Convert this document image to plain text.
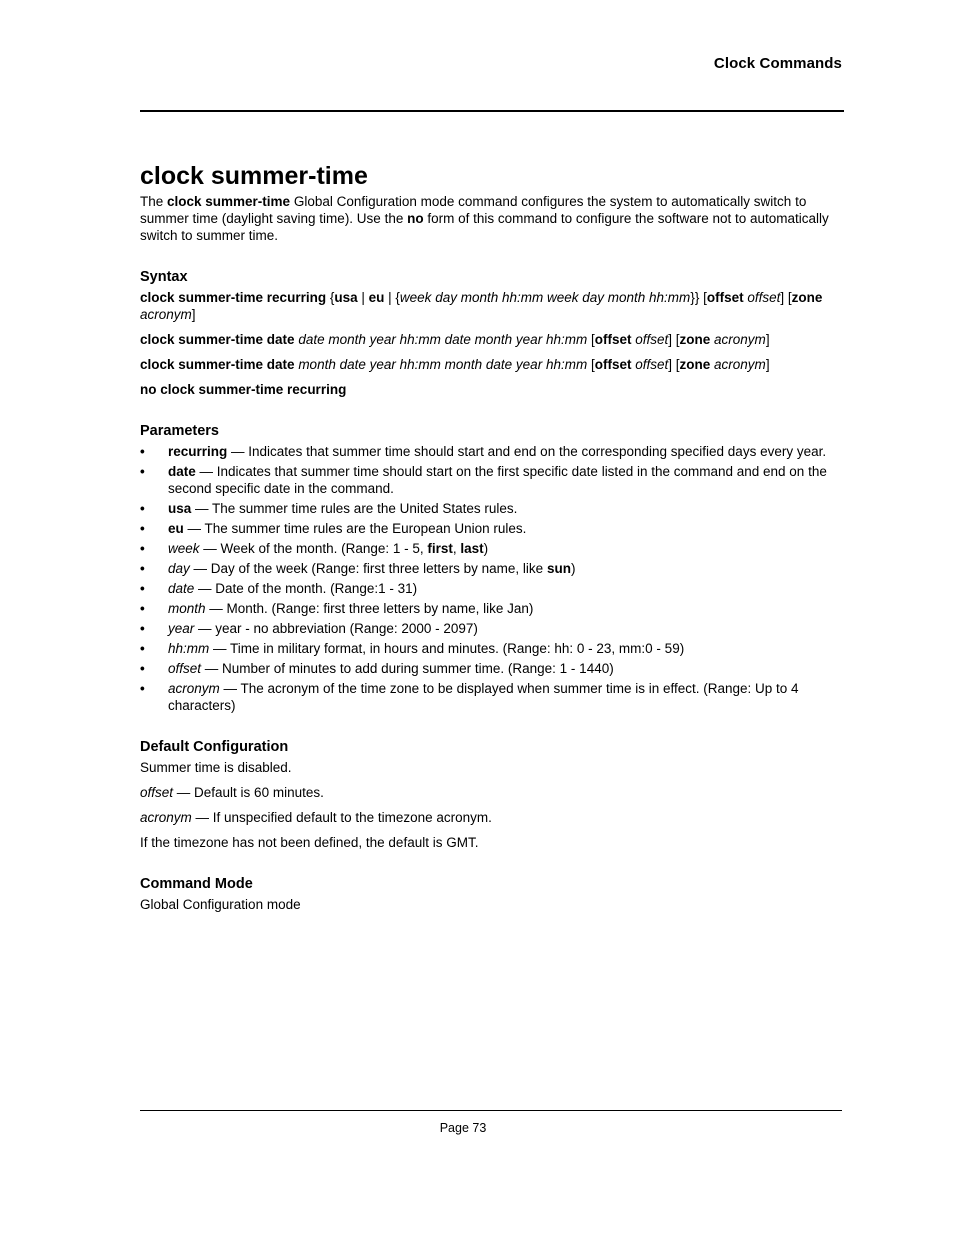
Clock Commands
clock summer-time

The clock summer-time Global Configuration mode command configures the system to automatically switch to summer time (daylight saving time). Use the no form of this command to configure the software not to automatically switch to summer time.

Syntax

clock summer-time recurring {usa | eu | {week day month hh:mm week day month hh:mm}} [offset offset] [zone acronym]

clock summer-time date date month year hh:mm date month year hh:mm [offset offset] [zone acronym]

clock summer-time date month date year hh:mm month date year hh:mm [offset offset] [zone acronym]

no clock summer-time recurring

Parameters
• recurring — Indicates that summer time should start and end on the corresponding specified days every year.
• date — Indicates that summer time should start on the first specific date listed in the command and end on the second specific date in the command.
• usa — The summer time rules are the United States rules.
• eu — The summer time rules are the European Union rules.
• week — Week of the month. (Range: 1 - 5, first, last)
• day — Day of the week (Range: first three letters by name, like sun)
• date — Date of the month. (Range:1 - 31)
• month — Month. (Range: first three letters by name, like Jan)
• year — year - no abbreviation (Range: 2000 - 2097)
• hh:mm — Time in military format, in hours and minutes. (Range: hh: 0 - 23, mm:0 - 59)
• offset — Number of minutes to add during summer time. (Range: 1 - 1440)
• acronym — The acronym of the time zone to be displayed when summer time is in effect. (Range: Up to 4 characters)
Default Configuration

Summer time is disabled.

offset — Default is 60 minutes.

acronym — If unspecified default to the timezone acronym.

If the timezone has not been defined, the default is GMT.

Command Mode

Global Configuration mode

Page 73
